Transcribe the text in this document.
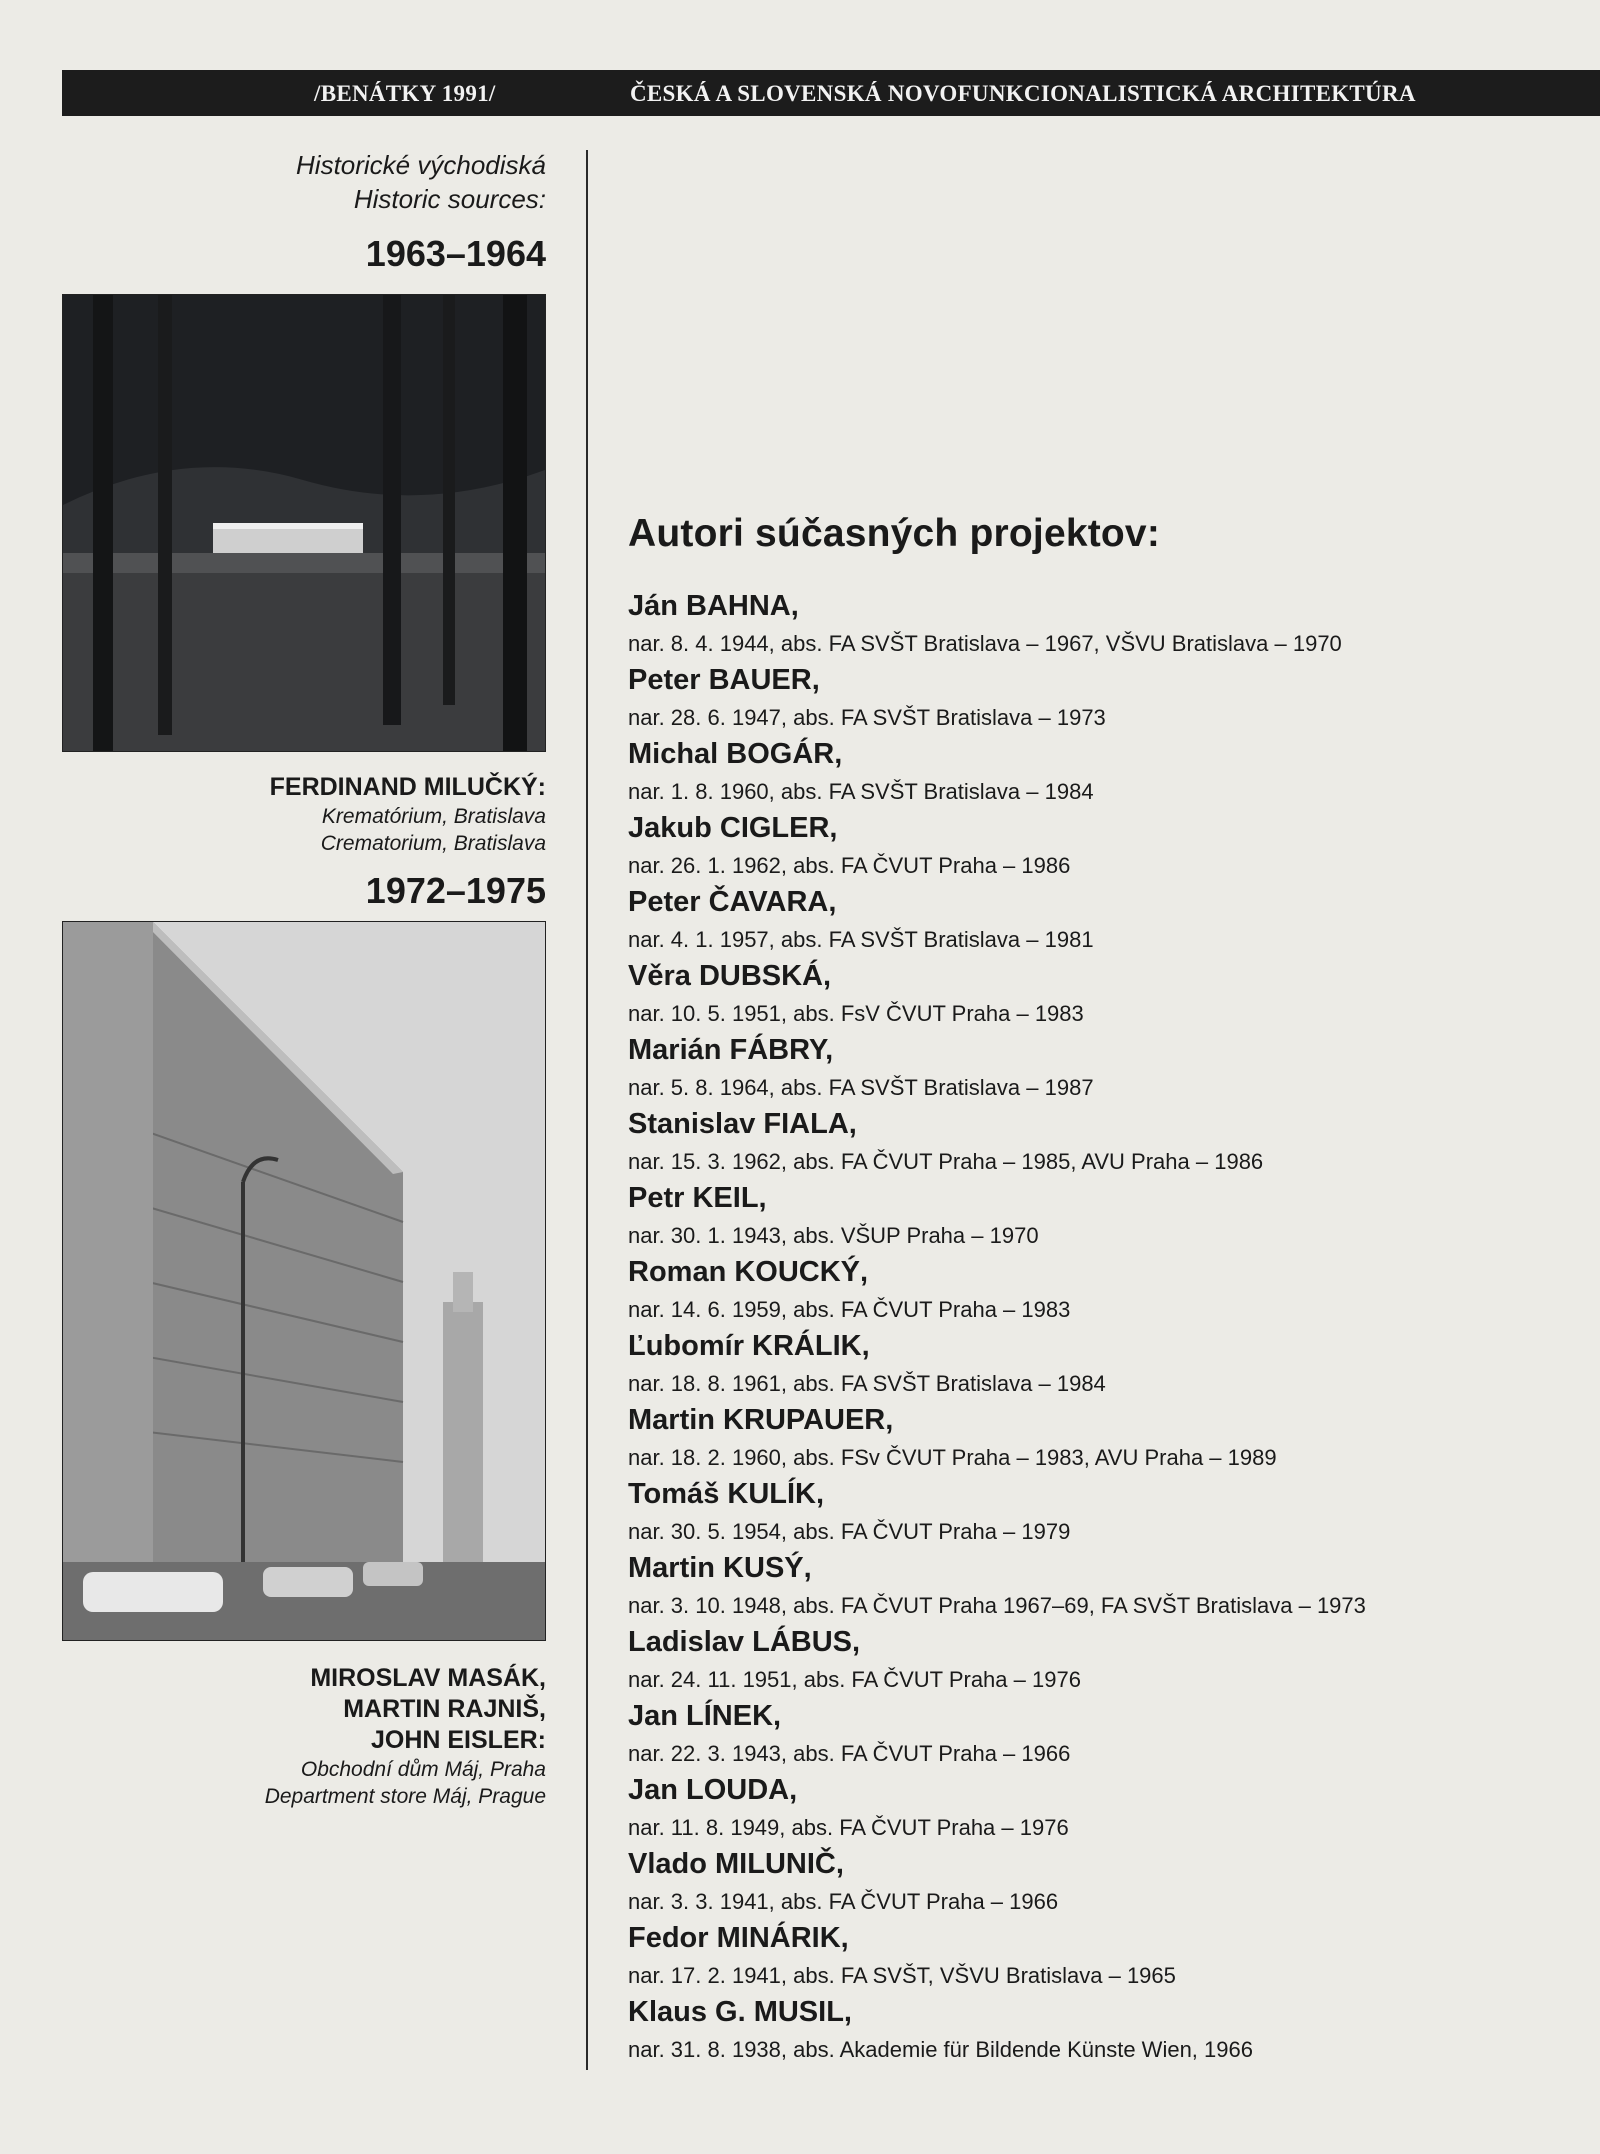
/BENÁTKY 1991/	ČESKÁ A SLOVENSKÁ NOVOFUNKCIONALISTICKÁ ARCHITEKTÚRA
Historické východiská
Historic sources:
1963–1964
FERDINAND MILUČKÝ:
Krematórium, Bratislava
Crematorium, Bratislava
1972–1975
MIROSLAV MASÁK,
MARTIN RAJNIŠ,
JOHN EISLER:
Obchodní dům Máj, Praha
Department store Máj, Prague
Autori súčasných projektov:
Ján BAHNA,
nar. 8. 4. 1944, abs. FA SVŠT Bratislava – 1967, VŠVU Bratislava – 1970
Peter BAUER,
nar. 28. 6. 1947, abs. FA SVŠT Bratislava – 1973
Michal BOGÁR,
nar. 1. 8. 1960, abs. FA SVŠT Bratislava – 1984
Jakub CIGLER,
nar. 26. 1. 1962, abs. FA ČVUT Praha – 1986
Peter ČAVARA,
nar. 4. 1. 1957, abs. FA SVŠT Bratislava – 1981
Věra DUBSKÁ,
nar. 10. 5. 1951, abs. FsV ČVUT Praha – 1983
Marián FÁBRY,
nar. 5. 8. 1964, abs. FA SVŠT Bratislava – 1987
Stanislav FIALA,
nar. 15. 3. 1962, abs. FA ČVUT Praha – 1985, AVU Praha – 1986
Petr KEIL,
nar. 30. 1. 1943, abs. VŠUP Praha – 1970
Roman KOUCKÝ,
nar. 14. 6. 1959, abs. FA ČVUT Praha – 1983
Ľubomír KRÁLIK,
nar. 18. 8. 1961, abs. FA SVŠT Bratislava – 1984
Martin KRUPAUER,
nar. 18. 2. 1960, abs. FSv ČVUT Praha – 1983, AVU Praha – 1989
Tomáš KULÍK,
nar. 30. 5. 1954, abs. FA ČVUT Praha – 1979
Martin KUSÝ,
nar. 3. 10. 1948, abs. FA ČVUT Praha 1967–69, FA SVŠT Bratislava – 1973
Ladislav LÁBUS,
nar. 24. 11. 1951, abs. FA ČVUT Praha – 1976
Jan LÍNEK,
nar. 22. 3. 1943, abs. FA ČVUT Praha – 1966
Jan LOUDA,
nar. 11. 8. 1949, abs. FA ČVUT Praha – 1976
Vlado MILUNIČ,
nar. 3. 3. 1941, abs. FA ČVUT Praha – 1966
Fedor MINÁRIK,
nar. 17. 2. 1941, abs. FA SVŠT, VŠVU Bratislava – 1965
Klaus G. MUSIL,
nar. 31. 8. 1938, abs. Akademie für Bildende Künste Wien, 1966
